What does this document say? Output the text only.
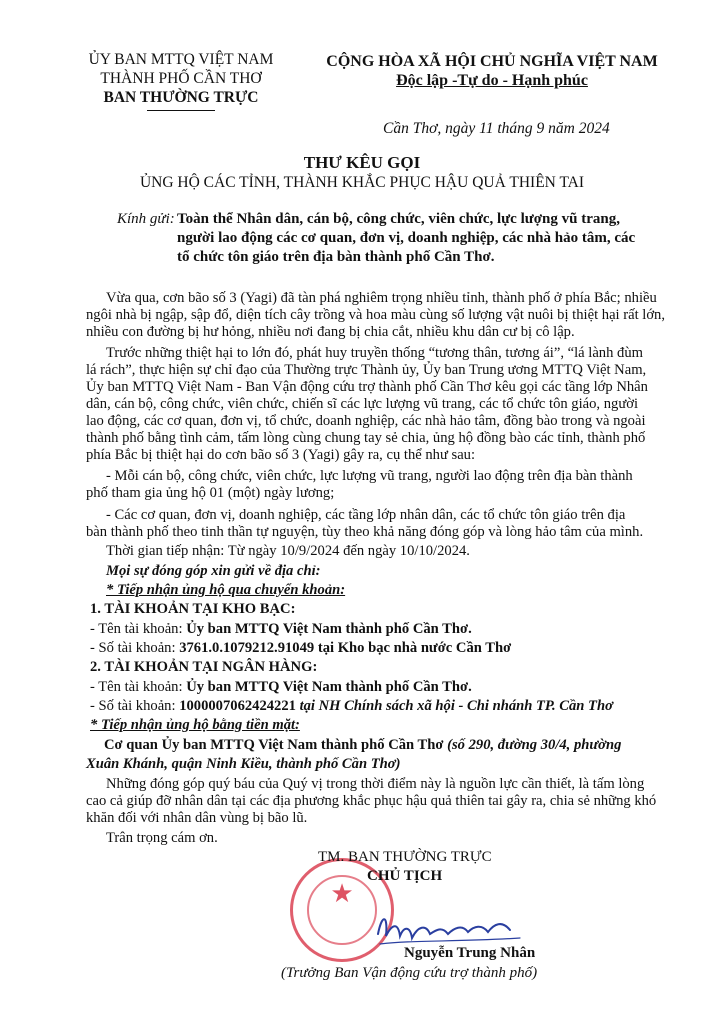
ỦY BAN MTTQ VIỆT NAM
THÀNH PHỐ CẦN THƠ
BAN THƯỜNG TRỰC
CỘNG HÒA XÃ HỘI CHỦ NGHĨA VIỆT NAM
Độc lập -Tự do - Hạnh phúc
Cần Thơ, ngày 11 tháng 9 năm 2024
THƯ KÊU GỌI
ỦNG HỘ CÁC TỈNH, THÀNH KHẮC PHỤC HẬU QUẢ THIÊN TAI
Kính gửi: Toàn thể Nhân dân, cán bộ, công chức, viên chức, lực lượng vũ trang,
người lao động các cơ quan, đơn vị, doanh nghiệp, các nhà hảo tâm, các
tổ chức tôn giáo trên địa bàn thành phố Cần Thơ.
Vừa qua, cơn bão số 3 (Yagi) đã tàn phá nghiêm trọng nhiều tỉnh, thành phố ở phía Bắc; nhiều
ngôi nhà bị ngập, sập đổ, diện tích cây trồng và hoa màu cùng số lượng vật nuôi bị thiệt hại rất lớn,
nhiều con đường bị hư hỏng, nhiều nơi đang bị chia cắt, nhiều khu dân cư bị cô lập.
Trước những thiệt hại to lớn đó, phát huy truyền thống “tương thân, tương ái”, “lá lành đùm
lá rách”, thực hiện sự chỉ đạo của Thường trực Thành ủy, Ủy ban Trung ương MTTQ Việt Nam,
Ủy ban MTTQ Việt Nam - Ban Vận động cứu trợ thành phố Cần Thơ kêu gọi các tầng lớp Nhân
dân, cán bộ, công chức, viên chức, chiến sĩ các lực lượng vũ trang, các tổ chức tôn giáo, người
lao động, các cơ quan, đơn vị, tổ chức, doanh nghiệp, các nhà hảo tâm, đồng bào trong và ngoài
thành phố bằng tình cảm, tấm lòng cùng chung tay sẻ chia, ủng hộ đồng bào các tỉnh, thành phố
phía Bắc bị thiệt hại do cơn bão số 3 (Yagi) gây ra, cụ thể như sau:
- Mỗi cán bộ, công chức, viên chức, lực lượng vũ trang, người lao động trên địa bàn thành
phố tham gia ủng hộ 01 (một) ngày lương;
- Các cơ quan, đơn vị, doanh nghiệp, các tầng lớp nhân dân, các tổ chức tôn giáo trên địa
bàn thành phố theo tinh thần tự nguyện, tùy theo khả năng đóng góp và lòng hảo tâm của mình.
Thời gian tiếp nhận: Từ ngày 10/9/2024 đến ngày 10/10/2024.
Mọi sự đóng góp xin gửi về địa chỉ:
* Tiếp nhận ủng hộ qua chuyển khoản:
1. TÀI KHOẢN TẠI KHO BẠC:
- Tên tài khoản: Ủy ban MTTQ Việt Nam thành phố Cần Thơ.
- Số tài khoản: 3761.0.1079212.91049 tại Kho bạc nhà nước Cần Thơ
2. TÀI KHOẢN TẠI NGÂN HÀNG:
- Tên tài khoản: Ủy ban MTTQ Việt Nam thành phố Cần Thơ.
- Số tài khoản: 1000007062424221 tại NH Chính sách xã hội - Chi nhánh TP. Cần Thơ
* Tiếp nhận ủng hộ bằng tiền mặt:
Cơ quan Ủy ban MTTQ Việt Nam thành phố Cần Thơ (số 290, đường 30/4, phường
Xuân Khánh, quận Ninh Kiều, thành phố Cần Thơ)
Những đóng góp quý báu của Quý vị trong thời điểm này là nguồn lực cần thiết, là tấm lòng
cao cả giúp đỡ nhân dân tại các địa phương khắc phục hậu quả thiên tai gây ra, chia sẻ những khó
khăn đối với nhân dân vùng bị bão lũ.
Trân trọng cám ơn.
★
TM. BAN THƯỜNG TRỰC
CHỦ TỊCH
Nguyễn Trung Nhân
(Trưởng Ban Vận động cứu trợ thành phố)
